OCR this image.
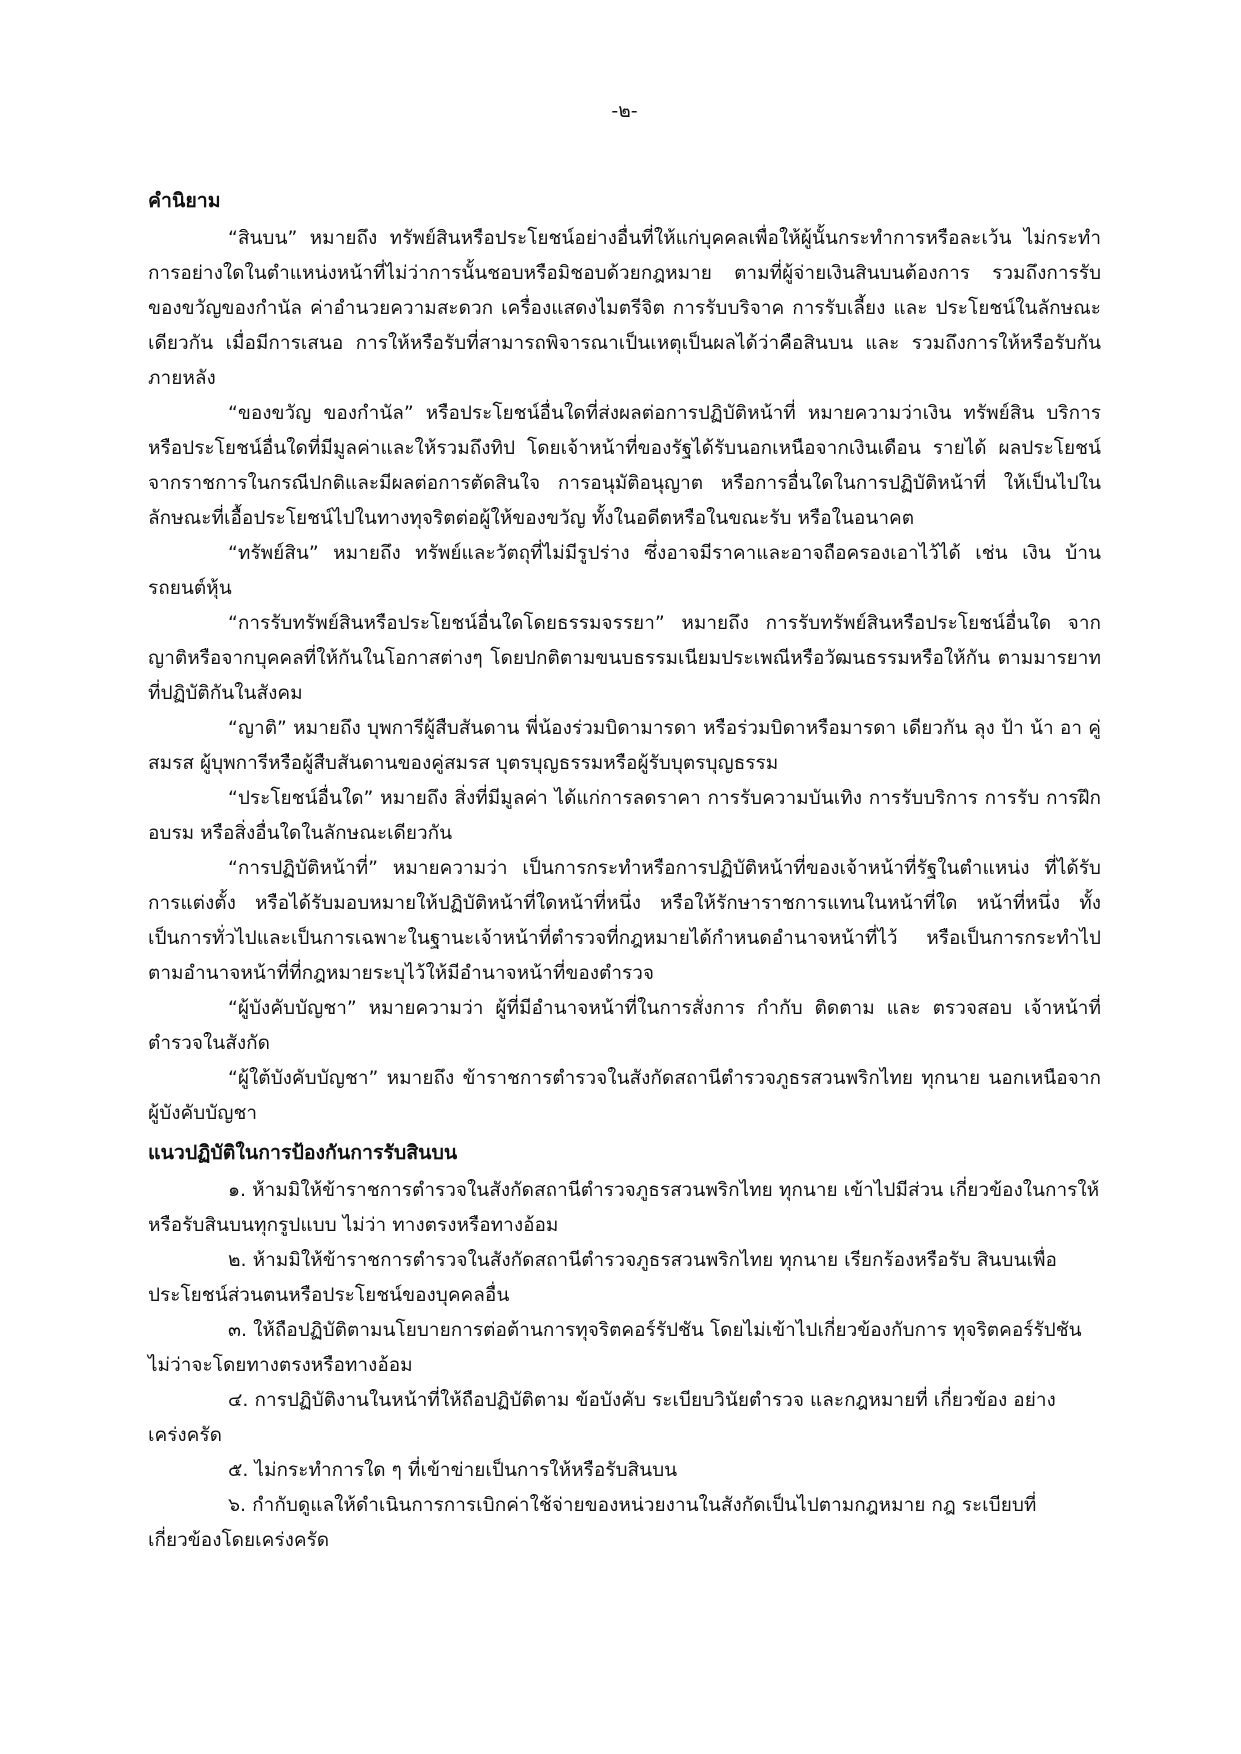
-๒-

คำนิยาม

“สินบน” หมายถึง ทรัพย์สินหรือประโยชน์อย่างอื่นที่ให้แก่บุคคลเพื่อให้ผู้นั้นกระทำการหรือละเว้น ไม่กระทำการอย่างใดในตำแหน่งหน้าที่ไม่ว่าการนั้นชอบหรือมิชอบด้วยกฎหมาย ตามที่ผู้จ่ายเงินสินบนต้องการ รวมถึงการรับของขวัญของกำนัล ค่าอำนวยความสะดวก เครื่องแสดงไมตรีจิต การรับบริจาค การรับเลี้ยง และ ประโยชน์ในลักษณะเดียวกัน เมื่อมีการเสนอ การให้หรือรับที่สามารถพิจารณาเป็นเหตุเป็นผลได้ว่าคือสินบน และ รวมถึงการให้หรือรับกันภายหลัง

“ของขวัญ ของกำนัล” หรือประโยชน์อื่นใดที่ส่งผลต่อการปฏิบัติหน้าที่ หมายความว่าเงิน ทรัพย์สิน บริการหรือประโยชน์อื่นใดที่มีมูลค่าและให้รวมถึงทิป โดยเจ้าหน้าที่ของรัฐได้รับนอกเหนือจากเงินเดือน รายได้ ผลประโยชน์จากราชการในกรณีปกติและมีผลต่อการตัดสินใจ การอนุมัติอนุญาต หรือการอื่นใดในการปฏิบัติหน้าที่ ให้เป็นไปในลักษณะที่เอื้อประโยชน์ไปในทางทุจริตต่อผู้ให้ของขวัญ ทั้งในอดีตหรือในขณะรับ หรือในอนาคต

“ทรัพย์สิน” หมายถึง ทรัพย์และวัตถุที่ไม่มีรูปร่าง ซึ่งอาจมีราคาและอาจถือครองเอาไว้ได้ เช่น เงิน บ้าน รถยนต์หุ้น

“การรับทรัพย์สินหรือประโยชน์อื่นใดโดยธรรมจรรยา” หมายถึง การรับทรัพย์สินหรือประโยชน์อื่นใด จากญาติหรือจากบุคคลที่ให้กันในโอกาสต่างๆ โดยปกติตามขนบธรรมเนียมประเพณีหรือวัฒนธรรมหรือให้กัน ตามมารยาทที่ปฏิบัติกันในสังคม

“ญาติ” หมายถึง บุพการีผู้สืบสันดาน พี่น้องร่วมบิดามารดา หรือร่วมบิดาหรือมารดา เดียวกัน ลุง ป้า น้า อา คู่สมรส ผู้บุพการีหรือผู้สืบสันดานของคู่สมรส บุตรบุญธรรมหรือผู้รับบุตรบุญธรรม

“ประโยชน์อื่นใด” หมายถึง สิ่งที่มีมูลค่า ได้แก่การลดราคา การรับความบันเทิง การรับบริการ การรับ การฝึกอบรม หรือสิ่งอื่นใดในลักษณะเดียวกัน

“การปฏิบัติหน้าที่” หมายความว่า เป็นการกระทำหรือการปฏิบัติหน้าที่ของเจ้าหน้าที่รัฐในตำแหน่ง ที่ได้รับการแต่งตั้ง หรือได้รับมอบหมายให้ปฏิบัติหน้าที่ใดหน้าที่หนึ่ง หรือให้รักษาราชการแทนในหน้าที่ใด หน้าที่หนึ่ง ทั้งเป็นการทั่วไปและเป็นการเฉพาะในฐานะเจ้าหน้าที่ตำรวจที่กฎหมายได้กำหนดอำนาจหน้าที่ไว้ หรือเป็นการกระทำไปตามอำนาจหน้าที่ที่กฎหมายระบุไว้ให้มีอำนาจหน้าที่ของตำรวจ

“ผู้บังคับบัญชา” หมายความว่า ผู้ที่มีอำนาจหน้าที่ในการสั่งการ กำกับ ติดตาม และ ตรวจสอบ เจ้าหน้าที่ตำรวจในสังกัด

“ผู้ใต้บังคับบัญชา” หมายถึง ข้าราชการตำรวจในสังกัดสถานีตำรวจภูธรสวนพริกไทย ทุกนาย นอกเหนือจากผู้บังคับบัญชา

แนวปฏิบัติในการป้องกันการรับสินบน

๑. ห้ามมิให้ข้าราชการตำรวจในสังกัดสถานีตำรวจภูธรสวนพริกไทย ทุกนาย เข้าไปมีส่วน เกี่ยวข้องในการให้หรือรับสินบนทุกรูปแบบ ไม่ว่า ทางตรงหรือทางอ้อม

๒. ห้ามมิให้ข้าราชการตำรวจในสังกัดสถานีตำรวจภูธรสวนพริกไทย ทุกนาย เรียกร้องหรือรับ สินบนเพื่อประโยชน์ส่วนตนหรือประโยชน์ของบุคคลอื่น

๓. ให้ถือปฏิบัติตามนโยบายการต่อต้านการทุจริตคอร์รัปชัน โดยไม่เข้าไปเกี่ยวข้องกับการ ทุจริตคอร์รัปชัน ไม่ว่าจะโดยทางตรงหรือทางอ้อม

๔. การปฏิบัติงานในหน้าที่ให้ถือปฏิบัติตาม ข้อบังคับ ระเบียบวินัยตำรวจ และกฎหมายที่ เกี่ยวข้อง อย่างเคร่งครัด

๕. ไม่กระทำการใด ๆ ที่เข้าข่ายเป็นการให้หรือรับสินบน

๖. กำกับดูแลให้ดำเนินการการเบิกค่าใช้จ่ายของหน่วยงานในสังกัดเป็นไปตามกฎหมาย กฎ ระเบียบที่เกี่ยวข้องโดยเคร่งครัด
